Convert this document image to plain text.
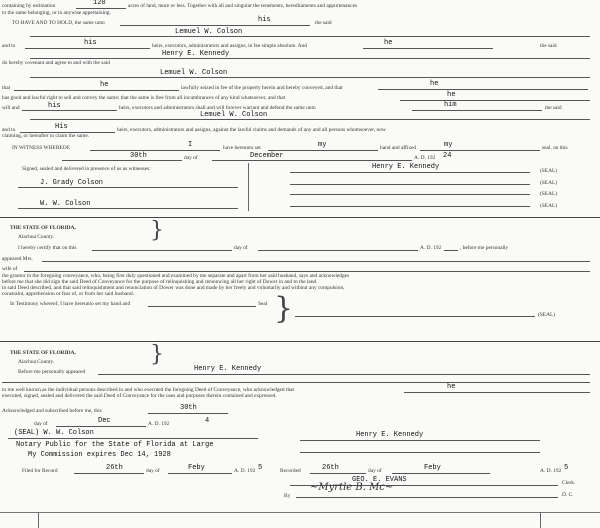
containing by estimation	120	acres of land, more or less. Together with all and singular the tenements, hereditaments and appurtenances
to the same belonging, or in anywise appertaining.
TO HAVE AND TO HOLD, the same unto	his	the said
Lemuel W. Colson
and to	his	heirs, executors, administrators and assigns, in fee simple absolute. And	he	the said
Henry E. Kennedy
do hereby covenant and agree to and with the said
Lemuel W. Colson
that	he	lawfully seized in fee of the property herein and hereby conveyed, and that	he
has good and lawful right to sell and convey the same; that the same is free from all incumbrances of any kind whatsoever, and that	he
will and	his	heirs, executors and administrators shall and will forever warrant and defend the same unto	him	the said
Lemuel W. Colson
and to	His	heirs, executors, administrators and assigns, against the lawful claims and demands of any and all persons whomsoever, now
claiming, or hereafter to claim the same.
IN WITNESS WHEREOF,	I	have hereunto set	my	hand and affixed	my	seal, on this
30th	day of	December	A. D. 192 24
Signed, sealed and delivered in presence of us as witnesses:	Henry E. Kennedy	(SEAL)
(SEAL)
J. Grady Colson
(SEAL)
W. W. Colson	(SEAL)
THE STATE OF FLORIDA,	}
Alachua County.
I hereby certify that on this	day of	A. D. 192	, before me personally
appeared Mrs.
wife of
the grantor in the foregoing conveyance, who, being first duly questioned and examined by me separate and apart from her said husband, says and acknowledges
before me that she did sign the said Deed of Conveyance for the purpose of relinquishing and renouncing all her right of Dower in and to the land
in said Deed described, and that said relinquishment and renunciation of Dower was done and made by her freely and voluntarily and without any compulsion,
constraint, apprehension or fear of, or from her said husband.
In Testimony whereof, I have hereunto set my hand and	Seal }	(SEAL)
THE STATE OF FLORIDA,	}
Alachua County.
Before me personally appeared	Henry E. Kennedy
to me well known as the individual persons described in and who executed the foregoing Deed of Conveyance, who acknowledged that	he
executed, signed, sealed and delivered the said Deed of Conveyance for the uses and purposes therein contained and expressed.
Acknowledged and subscribed before me, this	30th
day of	Dec	A. D. 192	4
(SEAL) W. W. Colson	Henry E. Kennedy
Notary Public for the State of Florida at Large
My Commission expires Dec 14, 1928
Filed for Record	26th	day of	Feby	A. D. 192 5	Recorded	26th	day of	Feby	A. D. 192 5
GEO. E. EVANS	Clerk.
By
~Myrtle B. Mc~
D. C.
